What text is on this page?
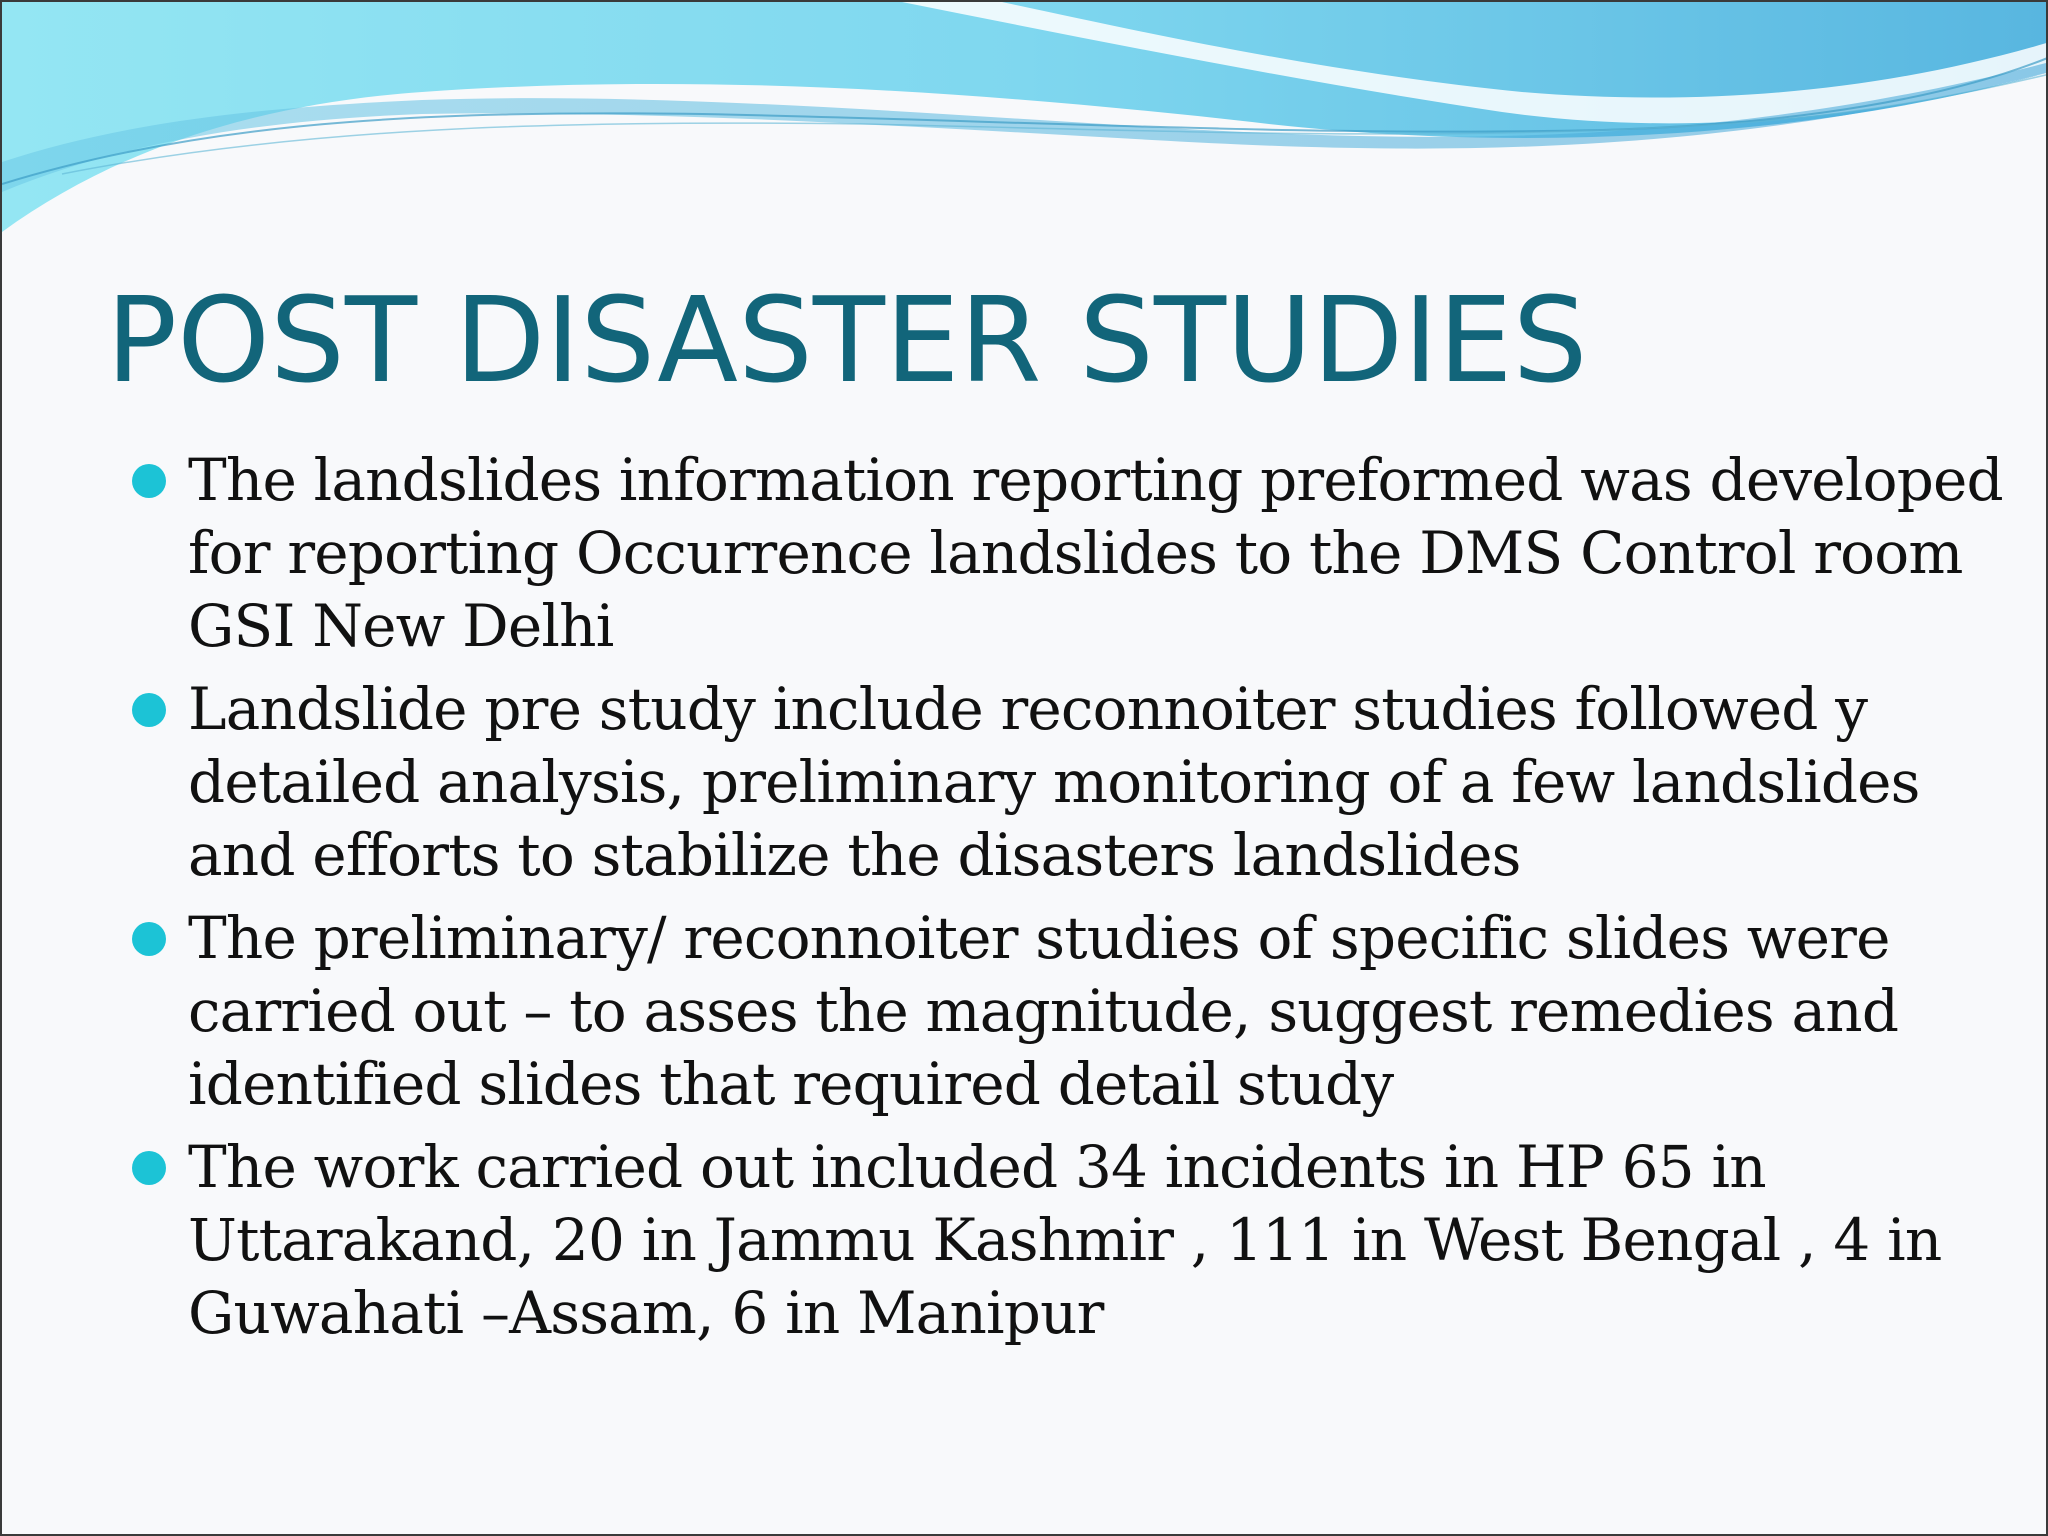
POST DISASTER STUDIES
The landslides information reporting preformed was developed for reporting Occurrence landslides to the DMS Control room GSI New Delhi
Landslide pre study include reconnoiter studies followed y detailed analysis, preliminary monitoring of a few landslides and efforts to stabilize the disasters landslides
The preliminary/ reconnoiter studies of specific slides were carried out – to asses the magnitude, suggest remedies and identified slides that required detail study
The work carried out included 34 incidents in HP 65 in Uttarakand, 20 in Jammu Kashmir , 111 in West Bengal , 4 in Guwahati –Assam, 6 in Manipur
